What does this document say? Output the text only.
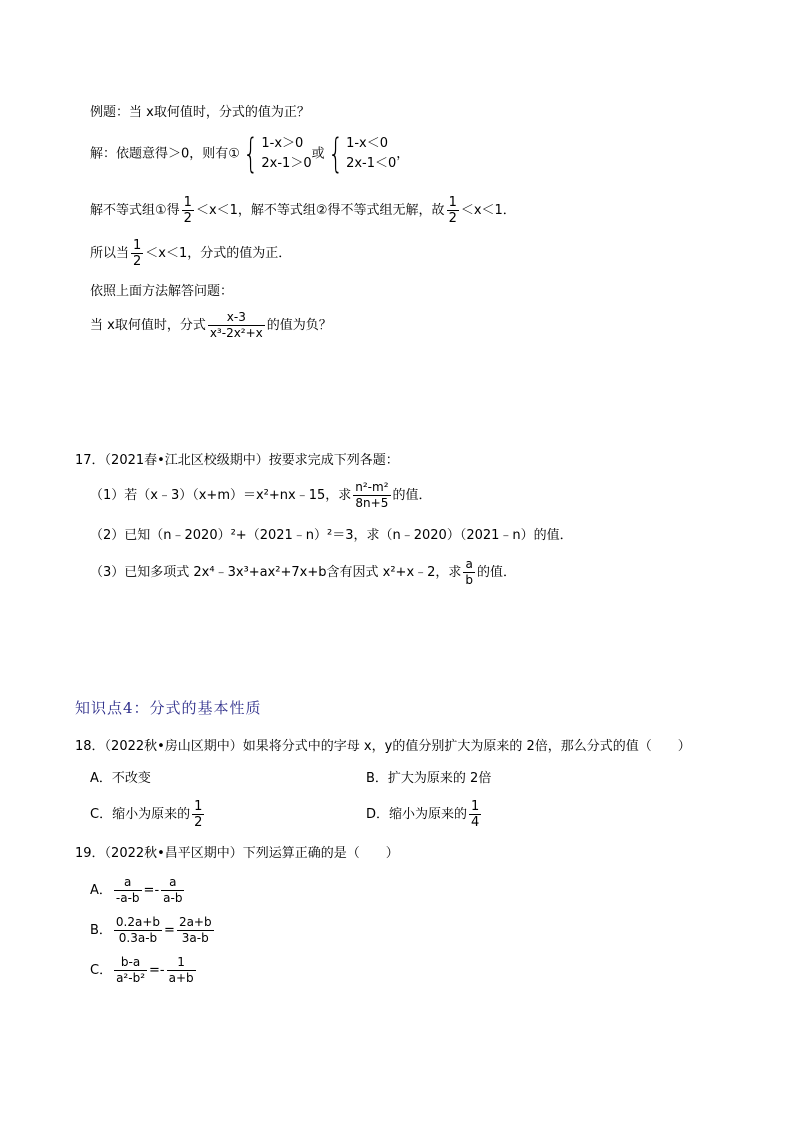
例题：当 x取何值时，分式的值为正？
解：依题意得＞0，则有①{ 1-x＞0
2x-1＞0
或{ 1-x＜0
2x-1＜0
，
解不等式组①得 $\frac{1}{2} <x<1$，解不等式组②得不等式组无解，故 $\frac{1}{2} <x<1$．
所以当 $\frac{1}{2} <x<1$，分式的值为正．
依照上面方法解答问题：
当 x取何值时，分式 $\frac{x-3}{\text{x³-2x²+x}}$ 的值为负？
17．（2021春•江北区校级期中）按要求完成下列各题：
（1）若（x﹣3）（x+m）＝x²+nx﹣15，求 $\frac{\text{n²-m²}}{8n+5}$ 的值．
（2）已知（n﹣2020）²+（2021﹣n）²＝3，求（n﹣2020）（2021﹣n）的值．
（3）已知多项式 2x⁴﹣3x³+ax²+7x+b含有因式 x²+x﹣2，求 $\frac{a}{b}$ 的值．
知识点4：分式的基本性质
18．（2022秋•房山区期中）如果将分式中的字母 x，y的值分别扩大为原来的 2倍，那么分式的值（　　）
A．不改变	B．扩大为原来的 2倍
C．缩小为原来的 $\frac{1}{2}$	D．缩小为原来的 $\frac{1}{4}$
19．（2022秋•昌平区期中）下列运算正确的是（　　）
A． $\frac{a}{-a-b} =- \frac{a}{a-b}$
B． $\frac{0.2a+b}{0.3a-b} = \frac{2a+b}{3a-b}$
C． $\frac{b-a}{\text{a²-b²}} =- \frac{1}{a+b}$
